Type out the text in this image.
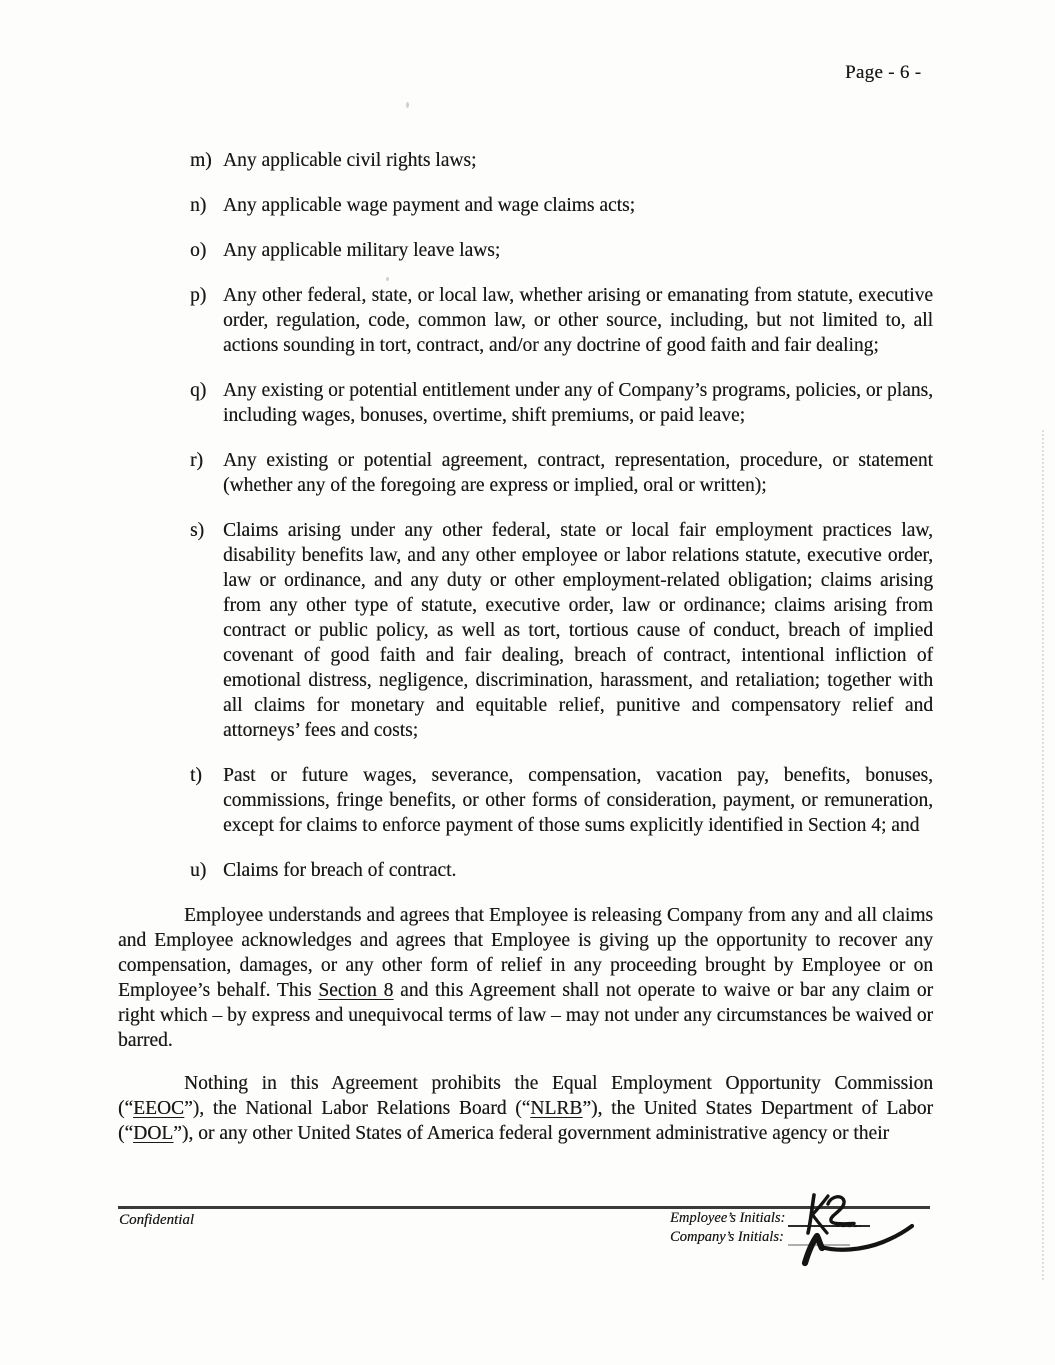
Page - 6 -
m) Any applicable civil rights laws;
n) Any applicable wage payment and wage claims acts;
o) Any applicable military leave laws;
p) Any other federal, state, or local law, whether arising or emanating from statute, executive order, regulation, code, common law, or other source, including, but not limited to, all actions sounding in tort, contract, and/or any doctrine of good faith and fair dealing;
q) Any existing or potential entitlement under any of Company’s programs, policies, or plans, including wages, bonuses, overtime, shift premiums, or paid leave;
r)	Any existing or potential agreement, contract, representation, procedure, or statement (whether any of the foregoing are express or implied, oral or written);
s) Claims arising under any other federal, state or local fair employment practices law, disability benefits law, and any other employee or labor relations statute, executive order, law or ordinance, and any duty or other employment-related obligation; claims arising from any other type of statute, executive order, law or ordinance; claims arising from contract or public policy, as well as tort, tortious cause of conduct, breach of implied covenant of good faith and fair dealing, breach of contract, intentional infliction of emotional distress, negligence, discrimination, harassment, and retaliation; together with all claims for monetary and equitable relief, punitive and compensatory relief and attorneys’ fees and costs;
t)	Past or future wages, severance, compensation, vacation pay, benefits, bonuses, commissions, fringe benefits, or other forms of consideration, payment, or remuneration, except for claims to enforce payment of those sums explicitly identified in Section 4; and
u) Claims for breach of contract.

Employee understands and agrees that Employee is releasing Company from any and all claims and Employee acknowledges and agrees that Employee is giving up the opportunity to recover any compensation, damages, or any other form of relief in any proceeding brought by Employee or on Employee’s behalf. This Section 8 and this Agreement shall not operate to waive or bar any claim or right which – by express and unequivocal terms of law – may not under any circumstances be waived or barred.

Nothing in this Agreement prohibits the Equal Employment Opportunity Commission (“EEOC”), the National Labor Relations Board (“NLRB”), the United States Department of Labor (“DOL”), or any other United States of America federal government administrative agency or their

Confidential	Employee’s Initials:
Company’s Initials:
